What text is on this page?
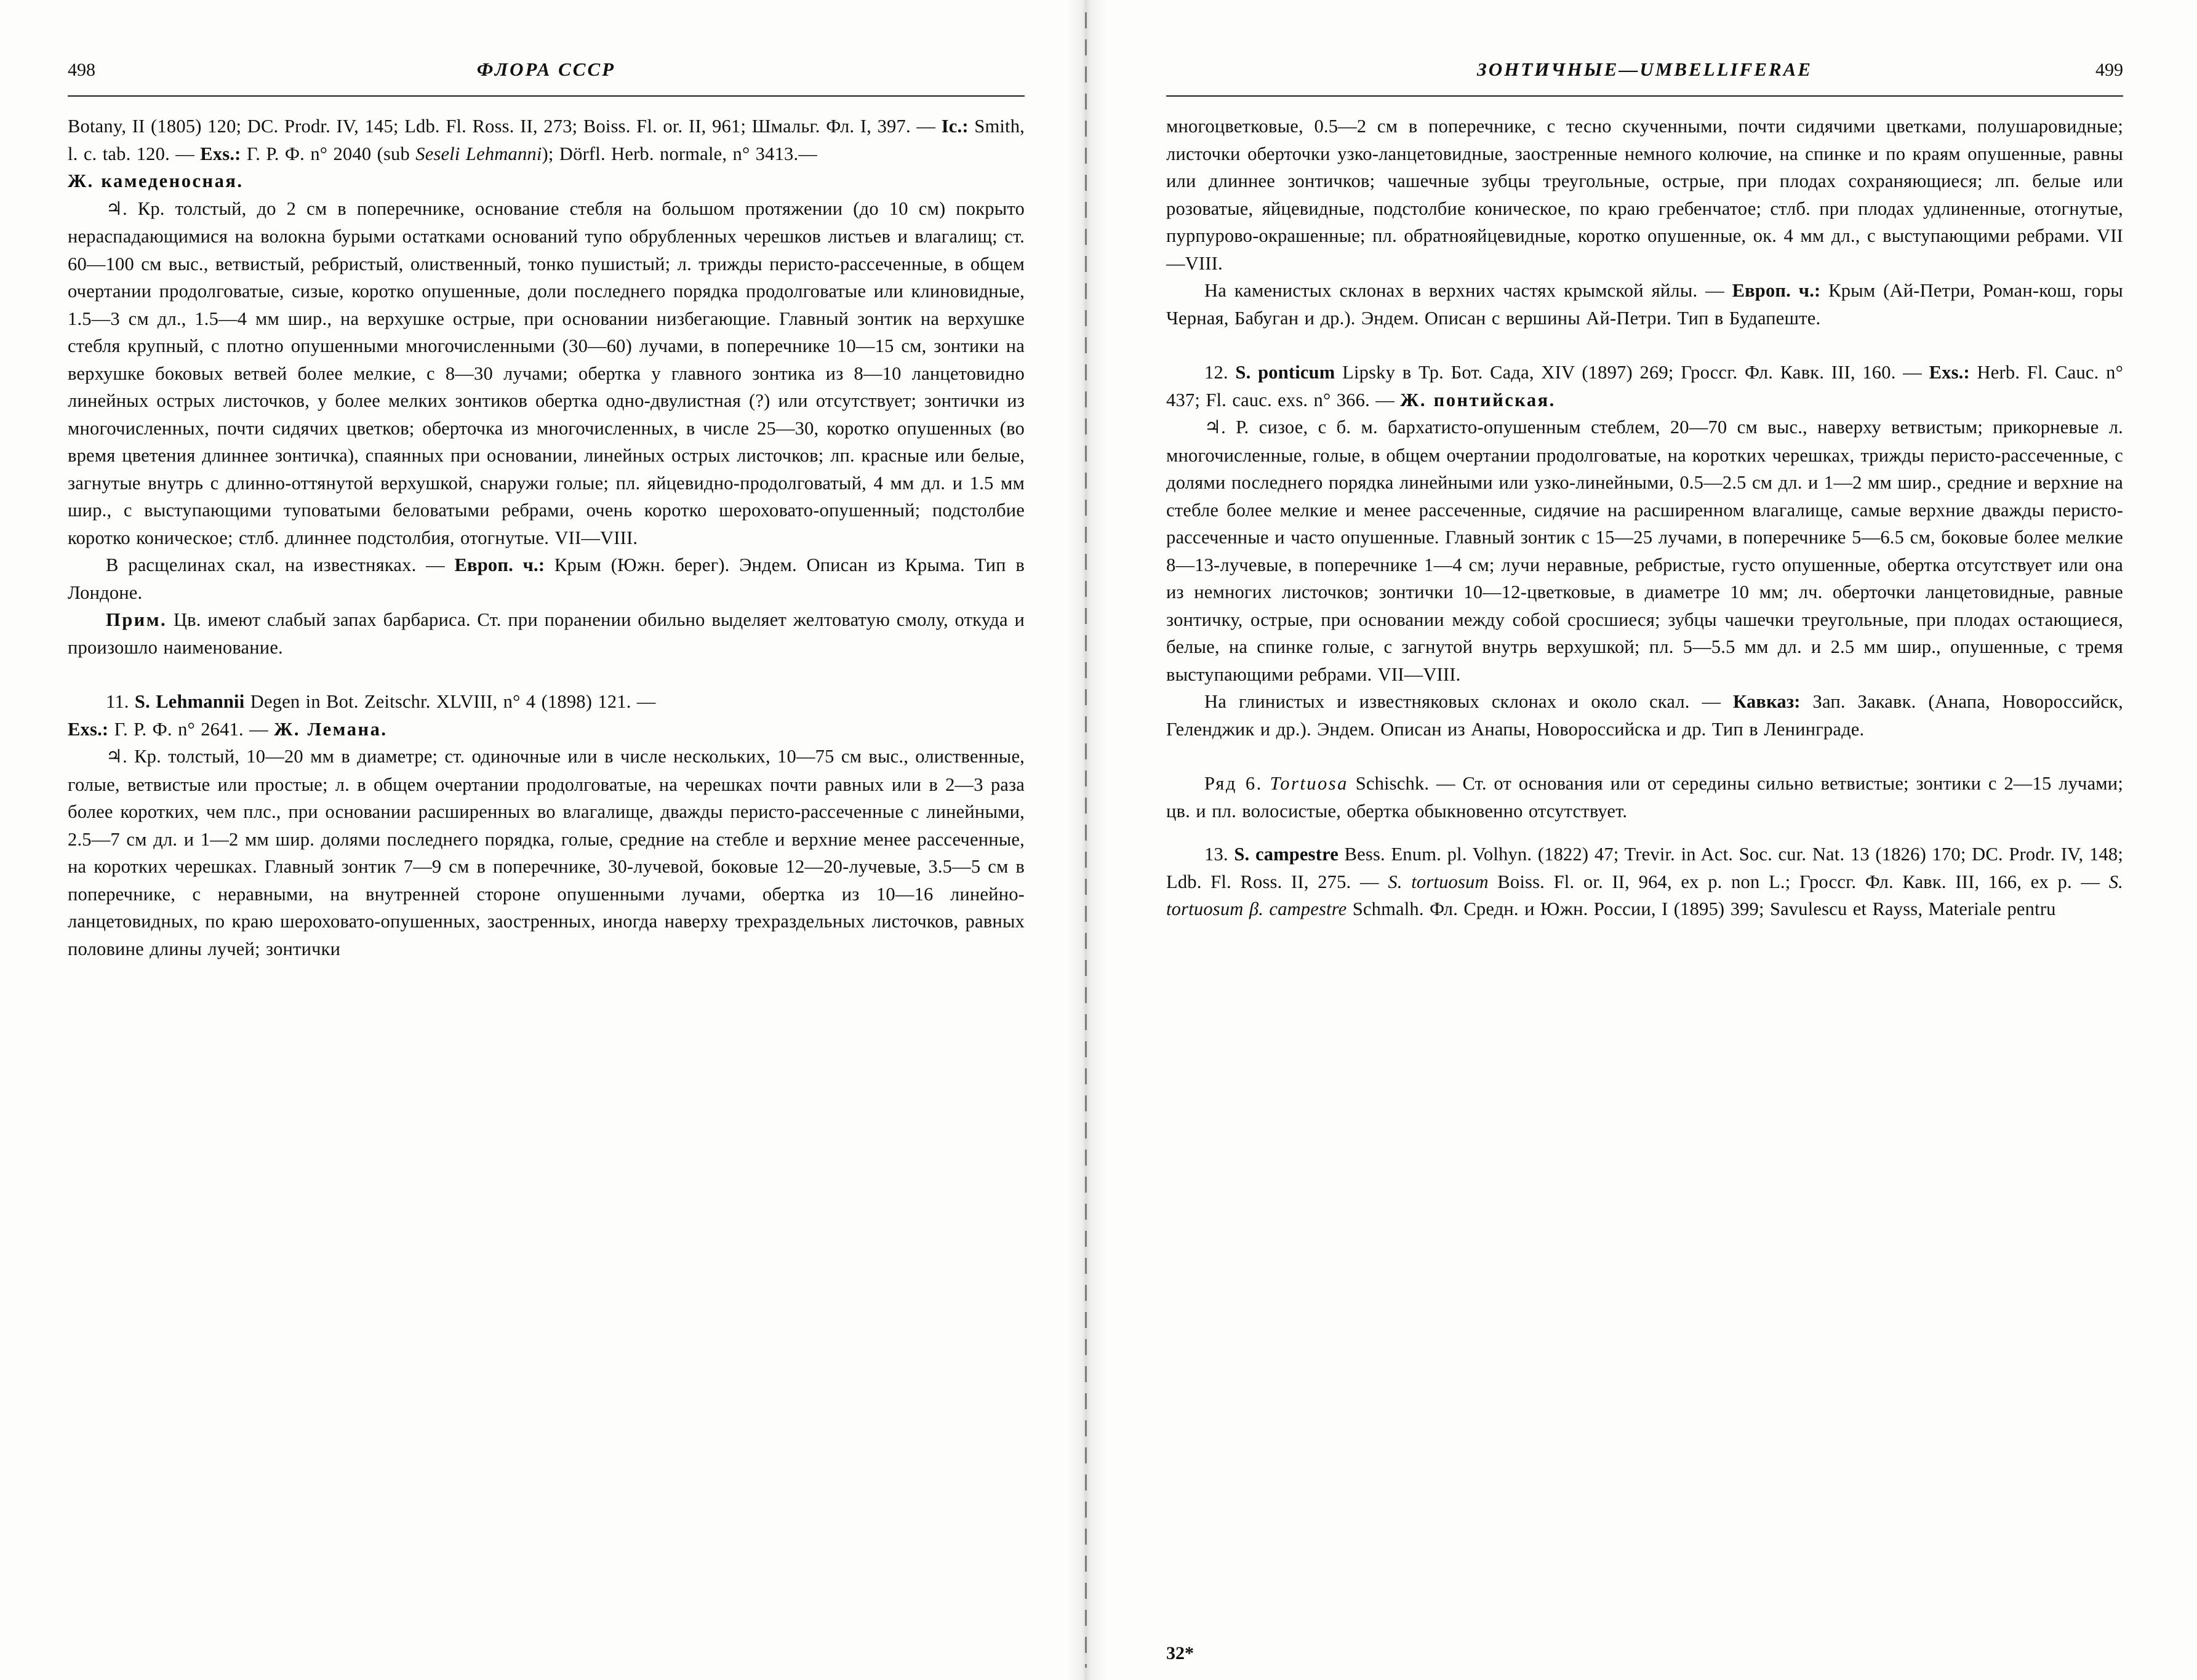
498	ФЛОРА СССР

Botany, II (1805) 120; DC. Prodr. IV, 145; Ldb. Fl. Ross. II, 273; Boiss. Fl. or. II, 961; Шмальг. Фл. I, 397. — Ic.: Smith, l. c. tab. 120. — Exs.: Г. Р. Ф. n° 2040 (sub Seseli Lehmanni); Dörfl. Herb. normale, n° 3413.—
Ж. камеденосная.

♃. Кр. толстый, до 2 см в поперечнике, основание стебля на большом протяжении (до 10 см) покрыто нераспадающимися на волокна бурыми остатками оснований тупо обрубленных черешков листьев и влагалищ; ст. 60—100 см выс., ветвистый, ребристый, олиственный, тонко пушистый; л. трижды перисто-рассеченные, в общем очертании продолговатые, сизые, коротко опушенные, доли последнего порядка продолговатые или клиновидные, 1.5—3 см дл., 1.5—4 мм шир., на верхушке острые, при основании низбегающие. Главный зонтик на верхушке стебля крупный, с плотно опушенными многочисленными (30—60) лучами, в поперечнике 10—15 см, зонтики на верхушке боковых ветвей более мелкие, с 8—30 лучами; обертка у главного зонтика из 8—10 ланцетовидно линейных острых листочков, у более мелких зонтиков обертка одно-двулистная (?) или отсутствует; зонтички из многочисленных, почти сидячих цветков; оберточка из многочисленных, в числе 25—30, коротко опушенных (во время цветения длиннее зонтичка), спаянных при основании, линейных острых листочков; лп. красные или белые, загнутые внутрь с длинно-оттянутой верхушкой, снаружи голые; пл. яйцевидно-продолговатый, 4 мм дл. и 1.5 мм шир., с выступающими туповатыми беловатыми ребрами, очень коротко шероховато-опушенный; подстолбие коротко коническое; стлб. длиннее подстолбия, отогнутые. VII—VIII.

В расщелинах скал, на известняках. — Европ. ч.: Крым (Южн. берег). Эндем. Описан из Крыма. Тип в Лондоне.

Прим. Цв. имеют слабый запах барбариса. Ст. при поранении обильно выделяет желтоватую смолу, откуда и произошло наименование.

11. S. Lehmannii Degen in Bot. Zeitschr. XLVIII, n° 4 (1898) 121. —
Exs.: Г. Р. Ф. n° 2641. — Ж. Лемана.

♃. Кр. толстый, 10—20 мм в диаметре; ст. одиночные или в числе нескольких, 10—75 см выс., олиственные, голые, ветвистые или простые; л. в общем очертании продолговатые, на черешках почти равных или в 2—3 раза более коротких, чем плс., при основании расширенных во влагалище, дважды перисто-рассеченные с линейными, 2.5—7 см дл. и 1—2 мм шир. долями последнего порядка, голые, средние на стебле и верхние менее рассеченные, на коротких черешках. Главный зонтик 7—9 см в поперечнике, 30-лучевой, боковые 12—20-лучевые, 3.5—5 см в поперечнике, с неравными, на внутренней стороне опушенными лучами, обертка из 10—16 линейно-ланцетовидных, по краю шероховато-опушенных, заостренных, иногда наверху трехраздельных листочков, равных половине длины лучей; зонтички

ЗОНТИЧНЫЕ—UMBELLIFERAE	499

многоцветковые, 0.5—2 см в поперечнике, с тесно скученными, почти сидячими цветками, полушаровидные; листочки оберточки узко-ланцетовидные, заостренные немного колючие, на спинке и по краям опушенные, равны или длиннее зонтичков; чашечные зубцы треугольные, острые, при плодах сохраняющиеся; лп. белые или розоватые, яйцевидные, подстолбие коническое, по краю гребенчатое; стлб. при плодах удлиненные, отогнутые, пурпурово-окрашенные; пл. обратнояйцевидные, коротко опушенные, ок. 4 мм дл., с выступающими ребрами. VII—VIII.

На каменистых склонах в верхних частях крымской яйлы. — Европ. ч.: Крым (Ай-Петри, Роман-кош, горы Черная, Бабуган и др.). Эндем. Описан с вершины Ай-Петри. Тип в Будапеште.

12. S. ponticum Lipsky в Тр. Бот. Сада, XIV (1897) 269; Гроссг. Фл. Кавк. III, 160. — Exs.: Herb. Fl. Cauc. n° 437; Fl. cauc. exs. n° 366. — Ж. понтийская.

♃. Р. сизое, с б. м. бархатисто-опушенным стеблем, 20—70 см выс., наверху ветвистым; прикорневые л. многочисленные, голые, в общем очертании продолговатые, на коротких черешках, трижды перисто-рассеченные, с долями последнего порядка линейными или узко-линейными, 0.5—2.5 см дл. и 1—2 мм шир., средние и верхние на стебле более мелкие и менее рассеченные, сидячие на расширенном влагалище, самые верхние дважды перисто-рассеченные и часто опушенные. Главный зонтик с 15—25 лучами, в поперечнике 5—6.5 см, боковые более мелкие 8—13-лучевые, в поперечнике 1—4 см; лучи неравные, ребристые, густо опушенные, обертка отсутствует или она из немногих листочков; зонтички 10—12-цветковые, в диаметре 10 мм; лч. оберточки ланцетовидные, равные зонтичку, острые, при основании между собой сросшиеся; зубцы чашечки треугольные, при плодах остающиеся, белые, на спинке голые, с загнутой внутрь верхушкой; пл. 5—5.5 мм дл. и 2.5 мм шир., опушенные, с тремя выступающими ребрами. VII—VIII.

На глинистых и известняковых склонах и около скал. — Кавказ: Зап. Закавк. (Анапа, Новороссийск, Геленджик и др.). Эндем. Описан из Анапы, Новороссийска и др. Тип в Ленинграде.

Ряд 6. Tortuosa Schischk. — Ст. от основания или от середины сильно ветвистые; зонтики с 2—15 лучами; цв. и пл. волосистые, обертка обыкновенно отсутствует.

13. S. campestre Bess. Enum. pl. Volhyn. (1822) 47; Trevir. in Act. Soc. cur. Nat. 13 (1826) 170; DC. Prodr. IV, 148; Ldb. Fl. Ross. II, 275. — S. tortuosum Boiss. Fl. or. II, 964, ex p. non L.; Гроссг. Фл. Кавк. III, 166, ex p. — S. tortuosum β. campestre Schmalh. Фл. Средн. и Южн. России, I (1895) 399; Savulescu et Rayss, Materiale pentru

32*
